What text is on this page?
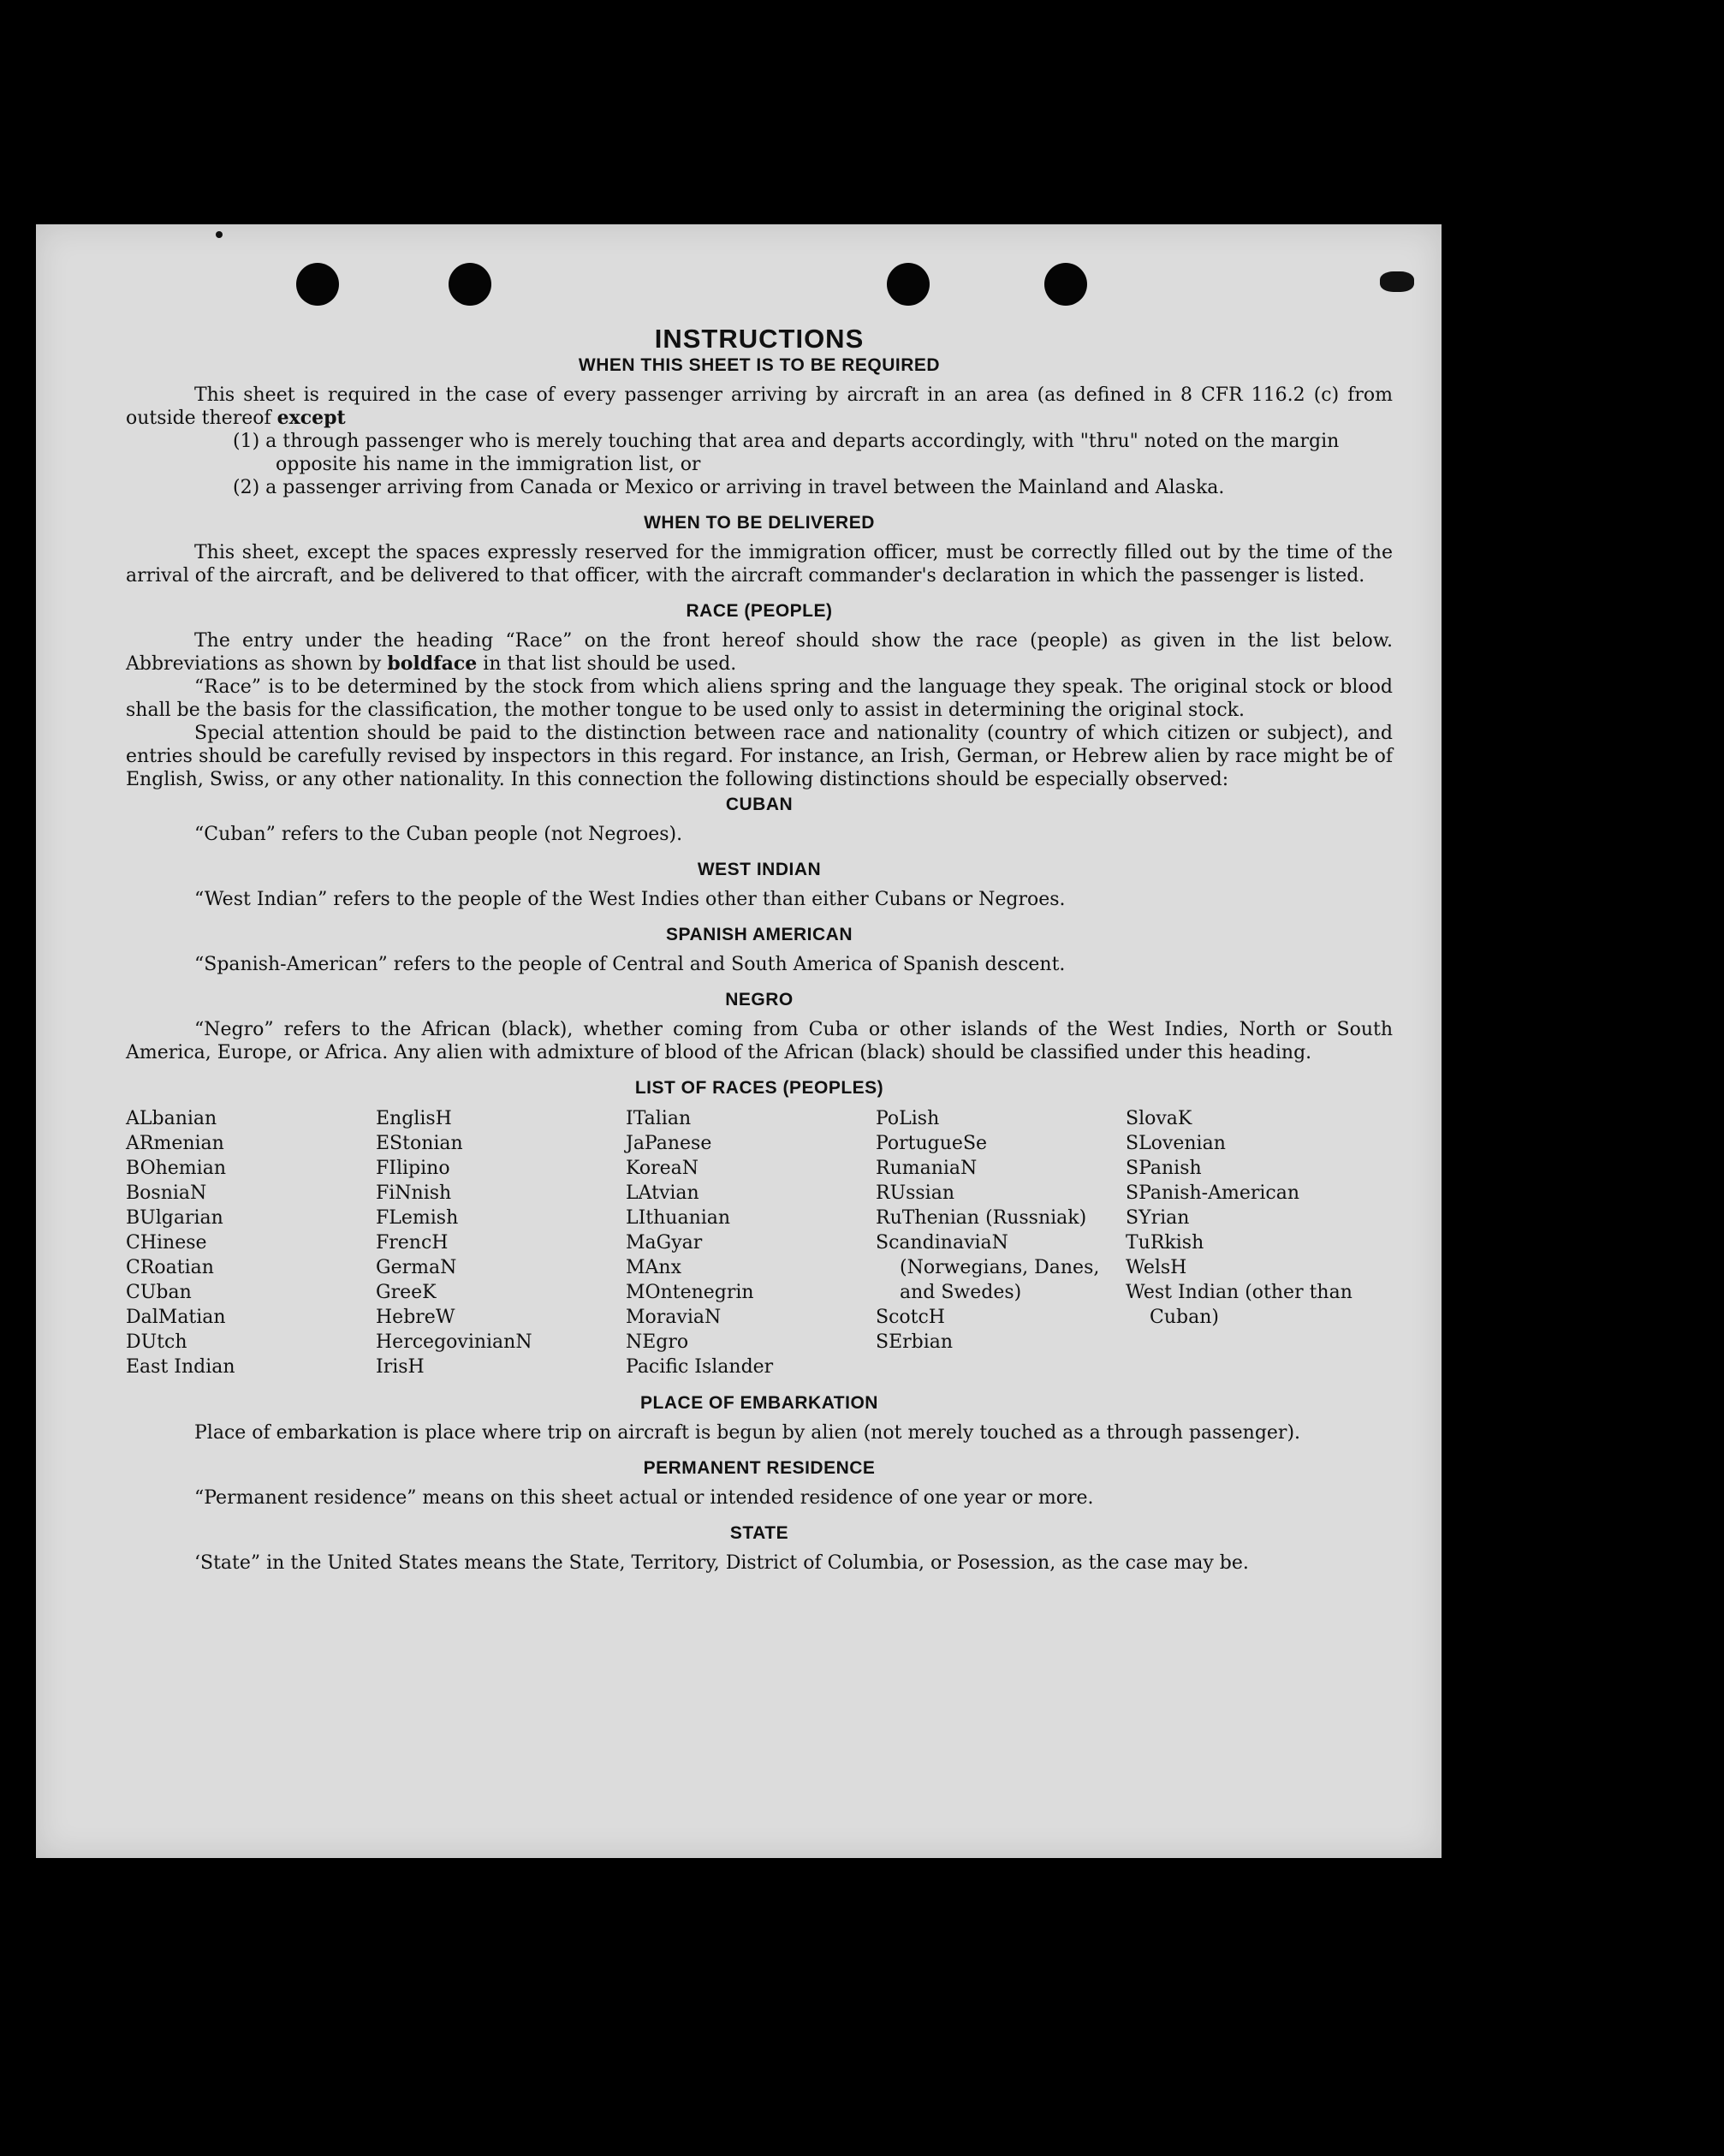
INSTRUCTIONS
WHEN THIS SHEET IS TO BE REQUIRED

This sheet is required in the case of every passenger arriving by aircraft in an area (as defined in 8 CFR 116.2 (c) from outside thereof except

(1) a through passenger who is merely touching that area and departs accordingly, with "thru" noted on the margin opposite his name in the immigration list, or
(2) a passenger arriving from Canada or Mexico or arriving in travel between the Mainland and Alaska.
WHEN TO BE DELIVERED

This sheet, except the spaces expressly reserved for the immigration officer, must be correctly filled out by the time of the arrival of the aircraft, and be delivered to that officer, with the aircraft commander's declaration in which the passenger is listed.

RACE (PEOPLE)

The entry under the heading “Race” on the front hereof should show the race (people) as given in the list below. Abbreviations as shown by boldface in that list should be used.

“Race” is to be determined by the stock from which aliens spring and the language they speak. The original stock or blood shall be the basis for the classification, the mother tongue to be used only to assist in determining the original stock.

Special attention should be paid to the distinction between race and nationality (country of which citizen or subject), and entries should be carefully revised by inspectors in this regard. For instance, an Irish, German, or Hebrew alien by race might be of English, Swiss, or any other nationality. In this connection the following distinctions should be especially observed:

CUBAN

“Cuban” refers to the Cuban people (not Negroes).

WEST INDIAN

“West Indian” refers to the people of the West Indies other than either Cubans or Negroes.

SPANISH AMERICAN

“Spanish-American” refers to the people of Central and South America of Spanish descent.

NEGRO

“Negro” refers to the African (black), whether coming from Cuba or other islands of the West Indies, North or South America, Europe, or Africa. Any alien with admixture of blood of the African (black) should be classified under this heading.

LIST OF RACES (PEOPLES)
ALbanian
ARmenian
BOhemian
BosniaN
BUlgarian
CHinese
CRoatian
CUban
DalMatian
DUtch
East Indian
EnglisH
EStonian
FIlipino
FiNnish
FLemish
FrencH
GermaN
GreeK
HebreW
HercegovinianN
IrisH
ITalian
JaPanese
KoreaN
LAtvian
LIthuanian
MaGyar
MAnx
MOntenegrin
MoraviaN
NEgro
Pacific Islander
PoLish
PortugueSe
RumaniaN
RUssian
RuThenian (Russniak)
ScandinaviaN (Norwegians, Danes, and Swedes)
ScotcH
SErbian
SlovaK
SLovenian
SPanish
SPanish-American
SYrian
TuRkish
WelsH
West Indian (other than Cuban)
PLACE OF EMBARKATION

Place of embarkation is place where trip on aircraft is begun by alien (not merely touched as a through passenger).

PERMANENT RESIDENCE

“Permanent residence” means on this sheet actual or intended residence of one year or more.

STATE

‘State” in the United States means the State, Territory, District of Columbia, or Posession, as the case may be.
